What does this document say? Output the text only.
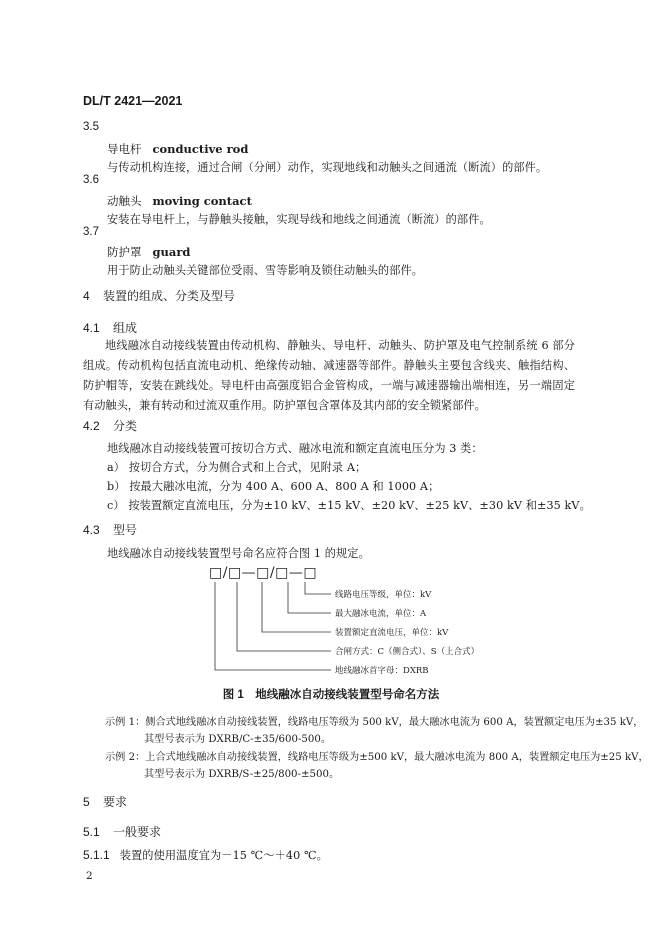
DL/T 2421—2021
3.5
导电杆 conductive rod
与传动机构连接，通过合闸（分闸）动作，实现地线和动触头之间通流（断流）的部件。
3.6
动触头 moving contact
安装在导电杆上，与静触头接触，实现导线和地线之间通流（断流）的部件。
3.7
防护罩 guard
用于防止动触头关键部位受雨、雪等影响及锁住动触头的部件。
4 装置的组成、分类及型号
4.1 组成
地线融冰自动接线装置由传动机构、静触头、导电杆、动触头、防护罩及电气控制系统 6 部分组成。传动机构包括直流电动机、绝缘传动轴、减速器等部件。静触头主要包含线夹、触指结构、防护帽等，安装在跳线处。导电杆由高强度铝合金管构成，一端与减速器输出端相连，另一端固定有动触头，兼有转动和过流双重作用。防护罩包含罩体及其内部的安全锁紧部件。
4.2 分类
地线融冰自动接线装置可按切合方式、融冰电流和额定直流电压分为 3 类：
a） 按切合方式，分为侧合式和上合式，见附录 A；
b） 按最大融冰电流，分为 400 A、600 A、800 A 和 1000 A；
c） 按装置额定直流电压，分为±10 kV、±15 kV、±20 kV、±25 kV、±30 kV 和±35 kV。
4.3 型号
地线融冰自动接线装置型号命名应符合图 1 的规定。
□/□—□/□—□
线路电压等级，单位：kV
最大融冰电流，单位：A
装置额定直流电压，单位：kV
合闸方式：C（侧合式）、S（上合式）
地线融冰首字母：DXRB
图 1　地线融冰自动接线装置型号命名方法
示例 1：侧合式地线融冰自动接线装置，线路电压等级为 500 kV，最大融冰电流为 600 A，装置额定电压为±35 kV，
其型号表示为 DXRB/C-±35/600-500。
示例 2：上合式地线融冰自动接线装置，线路电压等级为±500 kV，最大融冰电流为 800 A，装置额定电压为±25 kV，
其型号表示为 DXRB/S-±25/800-±500。
5 要求
5.1 一般要求
5.1.1 装置的使用温度宜为－15 ℃～＋40 ℃。
2
